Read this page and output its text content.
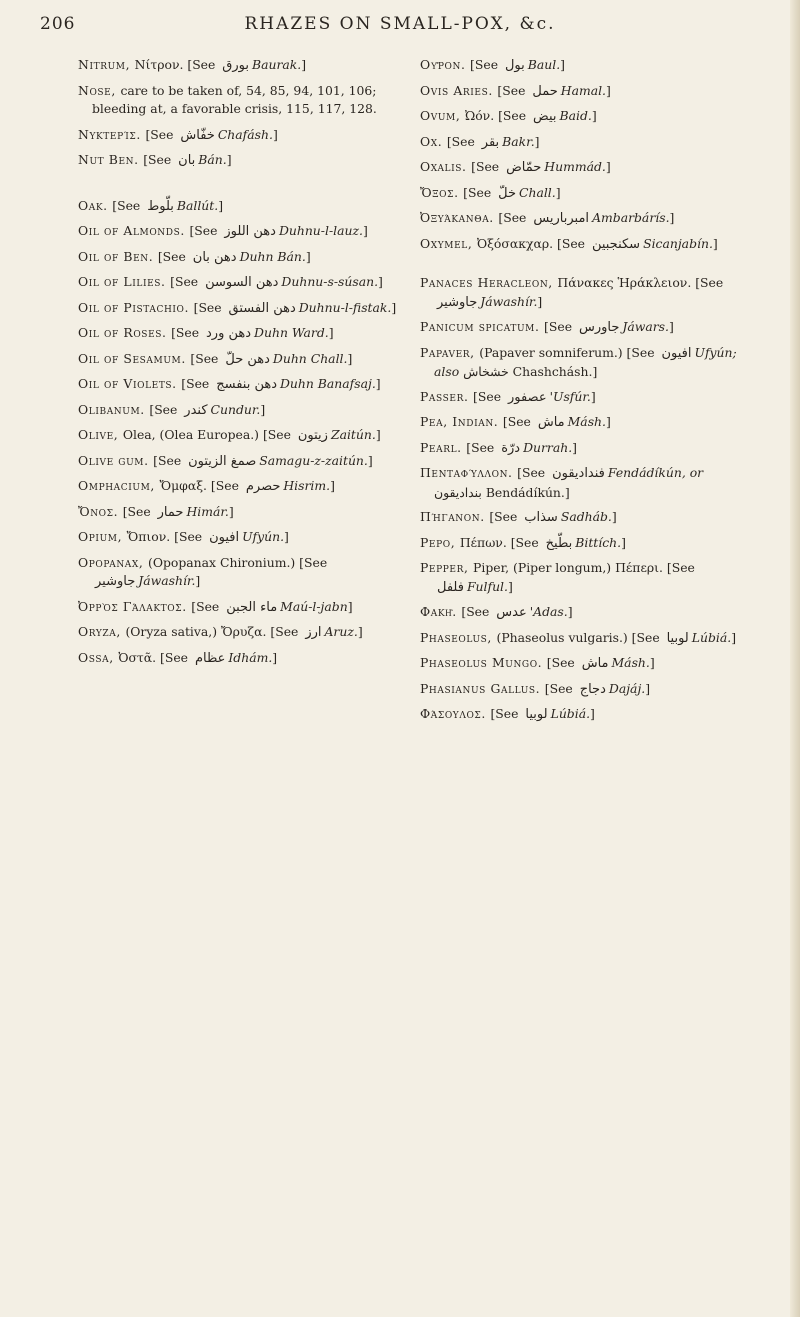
206	RHAZES ON SMALL-POX, &c.
Nitrum, Νίτρον. [See بورق Baurak.]
Nose, care to be taken of, 54, 85, 94, 101, 106; bleeding at, a favorable crisis, 115, 117, 128.
Νυκτερίς. [See خفّاش Chafásh.]
Nut Ben. [See بان Bán.]
Oak. [See بلّوط Ballút.]
Oil of Almonds. [See دهن اللوز Duhnu-l-lauz.]
Oil of Ben. [See دهن بان Duhn Bán.]
Oil of Lilies. [See دهن السوسن Duhnu-s-súsan.]
Oil of Pistachio. [See دهن الفستق Duhnu-l-fistak.]
Oil of Roses. [See دهن ورد Duhn Ward.]
Oil of Sesamum. [See دهن حلّ Duhn Chall.]
Oil of Violets. [See دهن بنفسج Duhn Banafsaj.]
Olibanum. [See كندر Cundur.]
Olive, Olea, (Olea Europea.) [See زيتون Zaitún.]
Olive gum. [See صمغ الزيتون Samagu-z-zaitún.]
Omphacium, Ὄμφαξ. [See حصرم Hisrim.]
Ὄνος. [See حمار Himár.]
Opium, Ὄπιον. [See افيون Ufyún.]
Opopanax, (Opopanax Chironium.) [See جاوشير Jáwashír.]
Ὀρρὸς Γάλακτος. [See ماء الجبن Maú-l-jabn]
Oryza, (Oryza sativa,) Ὄρυζα. [See ارز Aruz.]
Ossa, Ὀστᾶ. [See عظام Idhám.]
Οὖρον. [See بول Baul.]
Ovis Aries. [See حمل Hamal.]
Ovum, Ὠόν. [See بيض Baid.]
Ox. [See بقر Bakr.]
Oxalis. [See حمّاض Hummád.]
Ὄξος. [See خلّ Chall.]
Ὀξυάκανθα. [See امبرباريس Ambarbárís.]
Oxymel, Ὀξόσακχαρ. [See سكنجبين Sicanjabín.]
Panaces Heracleon, Πάνακες Ἡράκλειον. [See جاوشير Jáwashír.]
Panicum spicatum. [See جاورس Jáwars.]
Papaver, (Papaver somniferum.) [See افيون Ufyún; also خشخاش Chashchásh.]
Passer. [See عصفور 'Usfúr.]
Pea, Indian. [See ماش Másh.]
Pearl. [See درّة Durrah.]
Πενταφύλλον. [See فنداديقون Fendádíkún, or بنداديقون Bendádíkún.]
Πήγανον. [See سذاب Sadháb.]
Pepo, Πέπων. [See بطّيخ Bittích.]
Pepper, Piper, (Piper longum,) Πέπερι. [See فلفل Fulful.]
Φακῆ. [See عدس 'Adas.]
Phaseolus, (Phaseolus vulgaris.) [See لوبيا Lúbiá.]
Phaseolus Mungo. [See ماش Másh.]
Phasianus Gallus. [See دجاج Dajáj.]
Φάσουλος. [See لوبيا Lúbiá.]
